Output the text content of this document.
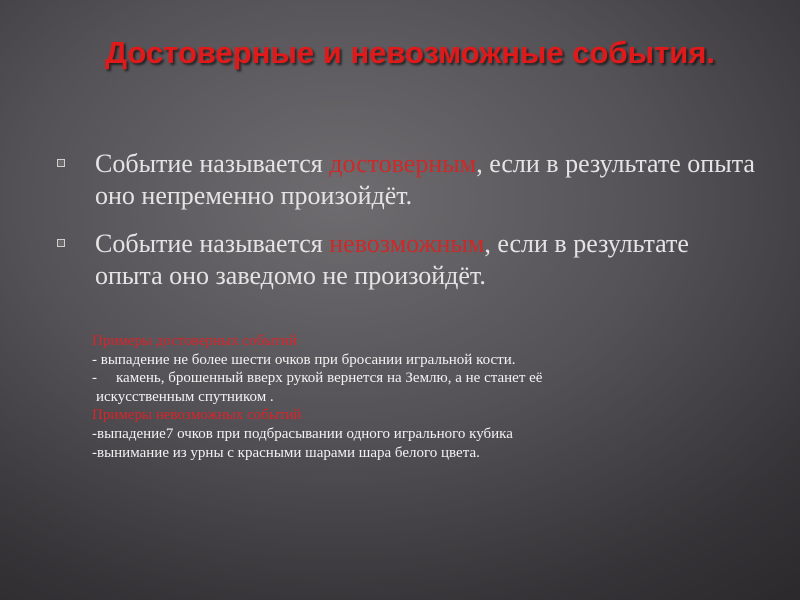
Достоверные и невозможные события.
Событие называется достоверным, если в результате опыта оно непременно произойдёт.
Событие называется невозможным, если в результате опыта оно заведомо не произойдёт.
Примеры достоверных событий
- выпадение не более шести очков при бросании игральной кости.
- камень, брошенный вверх рукой вернется на Землю, а не станет её
искусственным спутником .
Примеры невозможных событий
-выпадение7 очков при подбрасывании одного игрального кубика
-вынимание из урны с красными шарами шара белого цвета.
